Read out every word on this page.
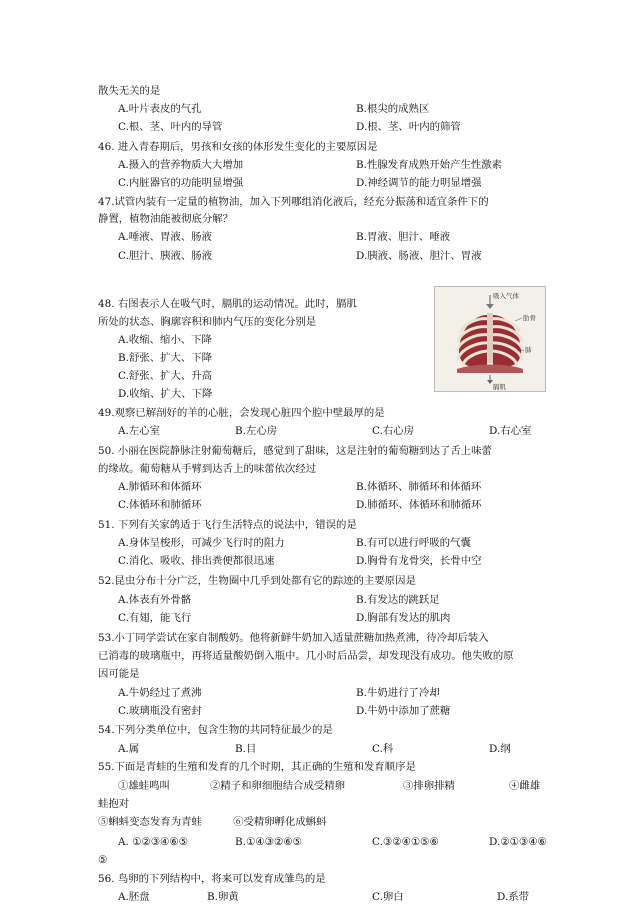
散失无关的是
A.叶片表皮的气孔	B.根尖的成熟区
C.根、茎、叶内的导管	D.根、茎、叶内的筛管
46. 进入青春期后，男孩和女孩的体形发生变化的主要原因是
A.摄入的营养物质大大增加	B.性腺发育成熟开始产生性激素
C.内脏器官的功能明显增强	D.神经调节的能力明显增强
47.试管内装有一定量的植物油，加入下列哪组消化液后，经充分振荡和适宜条件下的
静置，植物油能被彻底分解？
A.唾液、胃液、肠液	B.胃液、胆汁、唾液
C.胆汁、胰液、肠液	D.胰液、肠液、胆汁、胃液
48. 右图表示人在吸气时，膈肌的运动情况。此时，膈肌
所处的状态、胸廓容积和肺内气压的变化分别是
A.收缩、缩小、下降
B.舒张、扩大、下降
C.舒张、扩大、升高
D.收缩、扩大、下降
49.观察已解剖好的羊的心脏，会发现心脏四个腔中壁最厚的是
A.左心室	B.左心房	C.右心房	D.右心室
50. 小丽在医院静脉注射葡萄糖后，感觉到了甜味，这是注射的葡萄糖到达了舌上味蕾
的缘故。葡萄糖从手臂到达舌上的味蕾依次经过
A.肺循环和体循环	B.体循环、肺循环和体循环
C.体循环和肺循环	D.肺循环、体循环和肺循环
51. 下列有关家鸽适于飞行生活特点的说法中，错误的是
A.身体呈梭形，可减少飞行时的阻力	B.有可以进行呼吸的气囊
C.消化、吸收、排出粪便都很迅速	D.胸骨有龙骨突，长骨中空
52.昆虫分布十分广泛，生物圈中几乎到处都有它的踪迹的主要原因是
A.体表有外骨骼	B.有发达的跳跃足
C.有翅，能飞行	D.胸部有发达的肌肉
53.小丁同学尝试在家自制酸奶。他将新鲜牛奶加入适量蔗糖加热煮沸，待冷却后装入
已消毒的玻璃瓶中，再将适量酸奶倒入瓶中。几小时后品尝，却发现没有成功。他失败的原
因可能是
A.牛奶经过了煮沸	B.牛奶进行了冷却
C.玻璃瓶没有密封	D.牛奶中添加了蔗糖
54.下列分类单位中，包含生物的共同特征最少的是
A.属	B.目	C.科	D.纲
55.下面是青蛙的生殖和发育的几个时期，其正确的生殖和发育顺序是
①雄蛙鸣叫	②精子和卵细胞结合成受精卵	③排卵排精	④雌雄
蛙抱对
⑤蝌蚪变态发育为青蛙　　　⑥受精卵孵化成蝌蚪
A. ①②③④⑥⑤	B.①④③②⑥⑤	C.③②④①⑤⑥	D.②①③④⑥
⑤
56. 鸟卵的下列结构中，将来可以发育成雏鸟的是
A.胚盘	B.卵黄	C.卵白	D.系带
吸入气体
肋骨
肺
膈肌
